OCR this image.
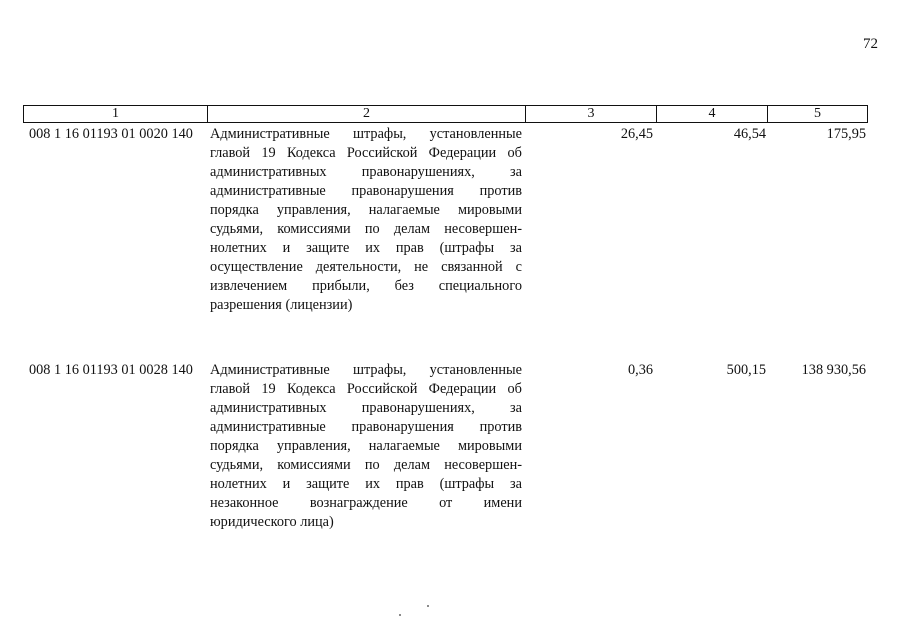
72
1	2	3	4	5
008 1 16 01193 01 0020 140 Административные штрафы, установленные
главой 19 Кодекса Российской Федерации об
административных правонарушениях, за
административные правонарушения против
порядка управления, налагаемые мировыми
судьями, комиссиями по делам несовершен-
нолетних и защите их прав (штрафы за
осуществление деятельности, не связанной с
извлечением прибыли, без специального
разрешения (лицензии)
26,45	46,54	175,95
008 1 16 01193 01 0028 140 Административные штрафы, установленные
главой 19 Кодекса Российской Федерации об
административных правонарушениях, за
административные правонарушения против
порядка управления, налагаемые мировыми
судьями, комиссиями по делам несовершен-
нолетних и защите их прав (штрафы за
незаконное вознаграждение от имени
юридического лица)
0,36	500,15	138 930,56
